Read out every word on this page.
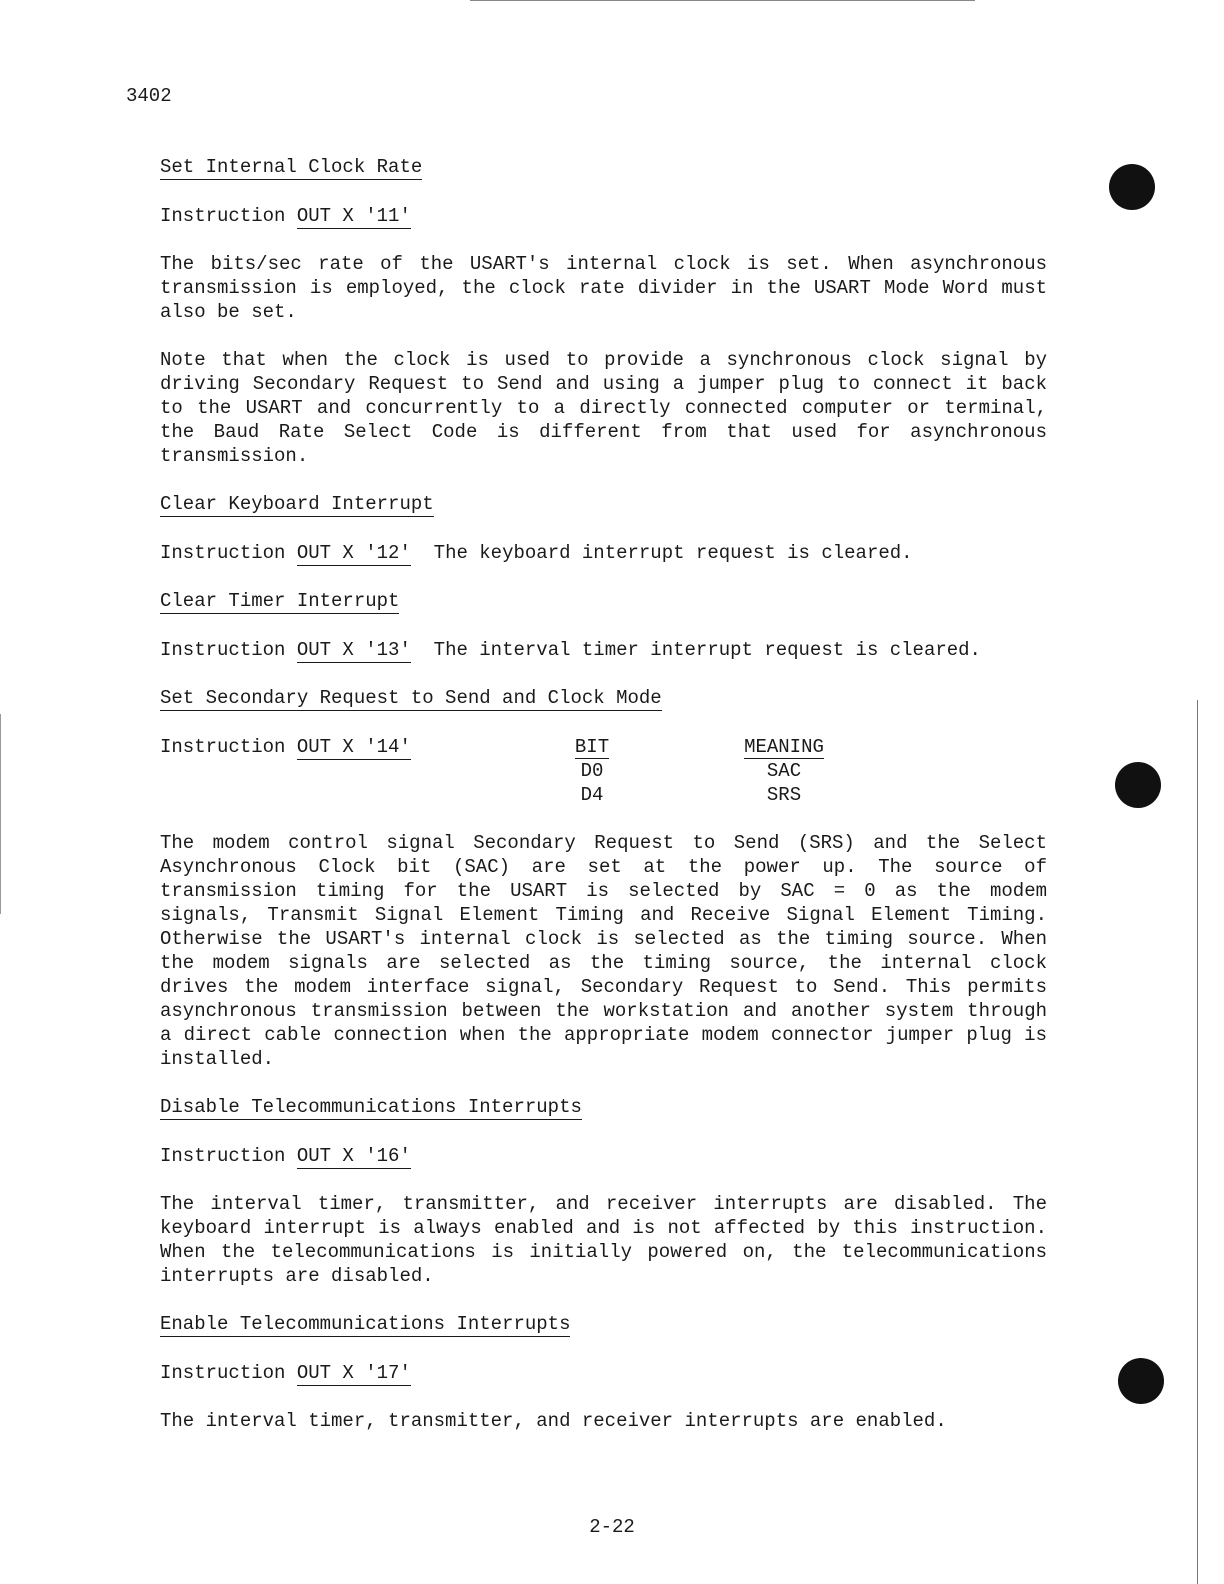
3402

Set Internal Clock Rate

Instruction OUT X '11'

The bits/sec rate of the USART's internal clock is set. When asynchronous transmission is employed, the clock rate divider in the USART Mode Word must also be set.

Note that when the clock is used to provide a synchronous clock signal by driving Secondary Request to Send and using a jumper plug to connect it back to the USART and concurrently to a directly connected computer or terminal, the Baud Rate Select Code is different from that used for asynchronous transmission.

Clear Keyboard Interrupt

Instruction OUT X '12' The keyboard interrupt request is cleared.

Clear Timer Interrupt

Instruction OUT X '13' The interval timer interrupt request is cleared.

Set Secondary Request to Send and Clock Mode

Instruction OUT X '14'	BIT
D0
D4
MEANING
SAC
SRS

The modem control signal Secondary Request to Send (SRS) and the Select Asynchronous Clock bit (SAC) are set at the power up. The source of transmission timing for the USART is selected by SAC = 0 as the modem signals, Transmit Signal Element Timing and Receive Signal Element Timing. Otherwise the USART's internal clock is selected as the timing source. When the modem signals are selected as the timing source, the internal clock drives the modem interface signal, Secondary Request to Send. This permits asynchronous transmission between the workstation and another system through a direct cable connection when the appropriate modem connector jumper plug is installed.

Disable Telecommunications Interrupts

Instruction OUT X '16'

The interval timer, transmitter, and receiver interrupts are disabled. The keyboard interrupt is always enabled and is not affected by this instruction. When the telecommunications is initially powered on, the telecommunications interrupts are disabled.

Enable Telecommunications Interrupts

Instruction OUT X '17'

The interval timer, transmitter, and receiver interrupts are enabled.

2-22
